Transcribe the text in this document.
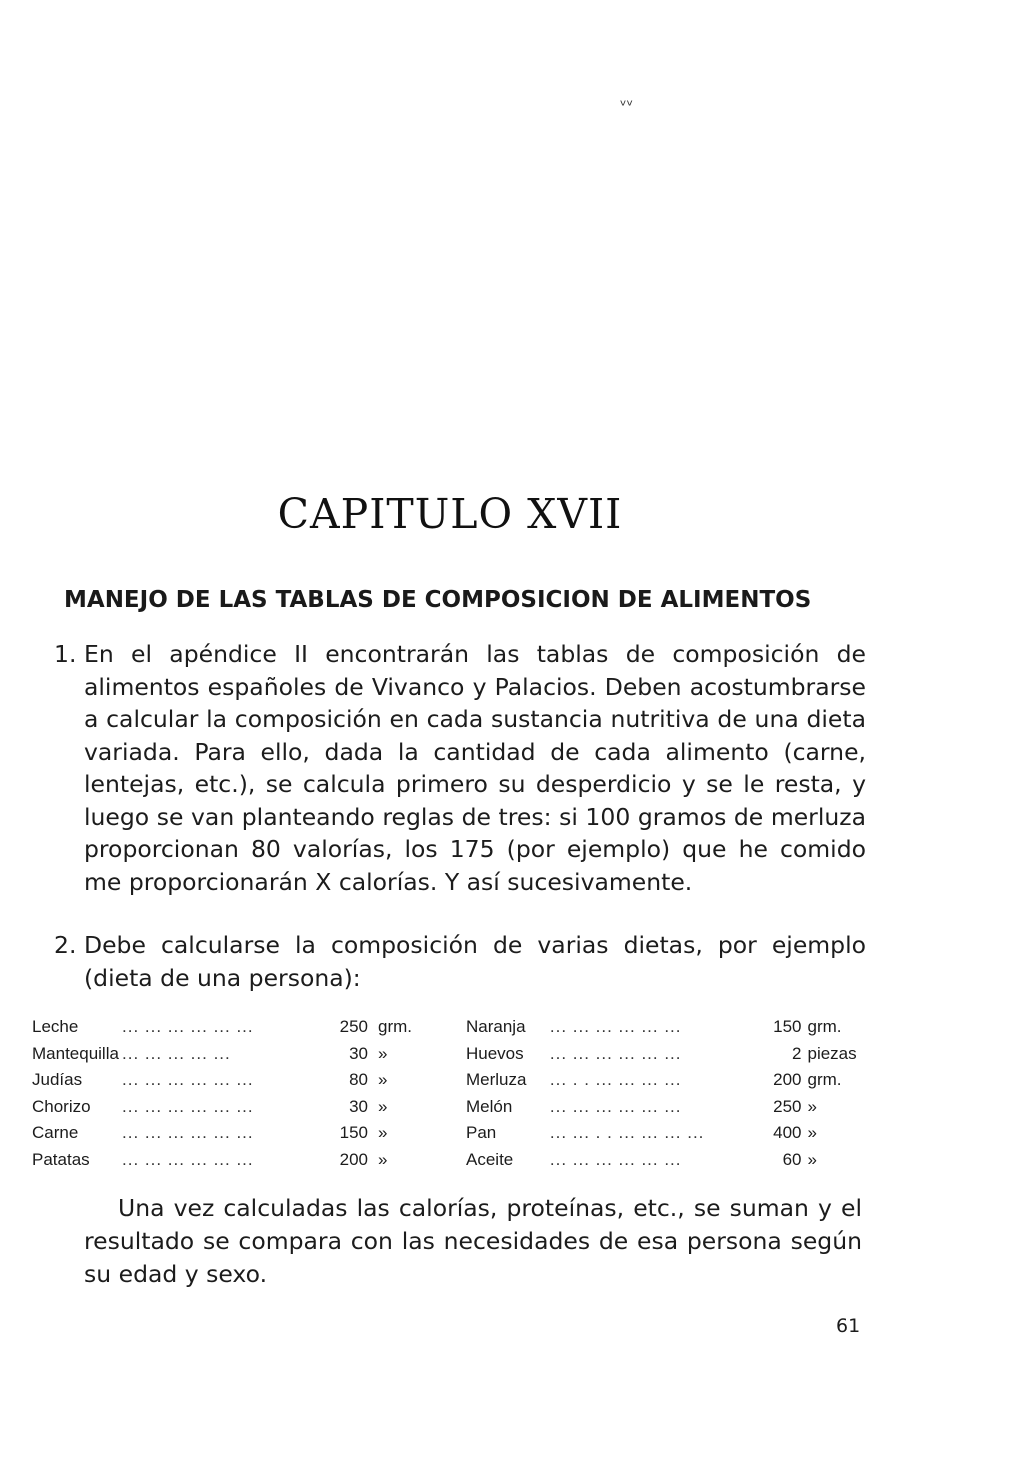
ᵛᵛ
CAPITULO XVII
MANEJO DE LAS TABLAS DE COMPOSICION DE ALIMENTOS
1. En el apéndice II encontrarán las tablas de composición de alimentos españoles de Vivanco y Palacios. Deben acostumbrarse a calcular la composición en cada sustancia nutritiva de una dieta variada. Para ello, dada la cantidad de cada alimento (carne, lentejas, etc.), se calcula primero su desperdicio y se le resta, y luego se van planteando reglas de tres: si 100 gramos de merluza proporcionan 80 valorías, los 175 (por ejemplo) que he comido me proporcionarán X calorías. Y así sucesivamente.
2. Debe calcularse la composición de varias dietas, por ejemplo (dieta de una persona):
Leche	... ... ... ... ... ...	250 grm.
Mantequilla ... ... ... ... ...	30 »
Judías	... ... ... ... ... ...	80 »
Chorizo	... ... ... ... ... ...	30 »
Carne	... ... ... ... ... ...	150 »
Patatas	... ... ... ... ... ...	200 »
Naranja	... ... ... ... ... ...	150 grm.
Huevos	... ... ... ... ... ...	2 piezas
Merluza	... . . ... ... ... ...	200 grm.
Melón	... ... ... ... ... ...	250 »
Pan	... ... . . ... ... ... ...	400 »
Aceite	... ... ... ... ... ...	60 »
Una vez calculadas las calorías, proteínas, etc., se suman y el resultado se compara con las necesidades de esa persona según su edad y sexo.
61
